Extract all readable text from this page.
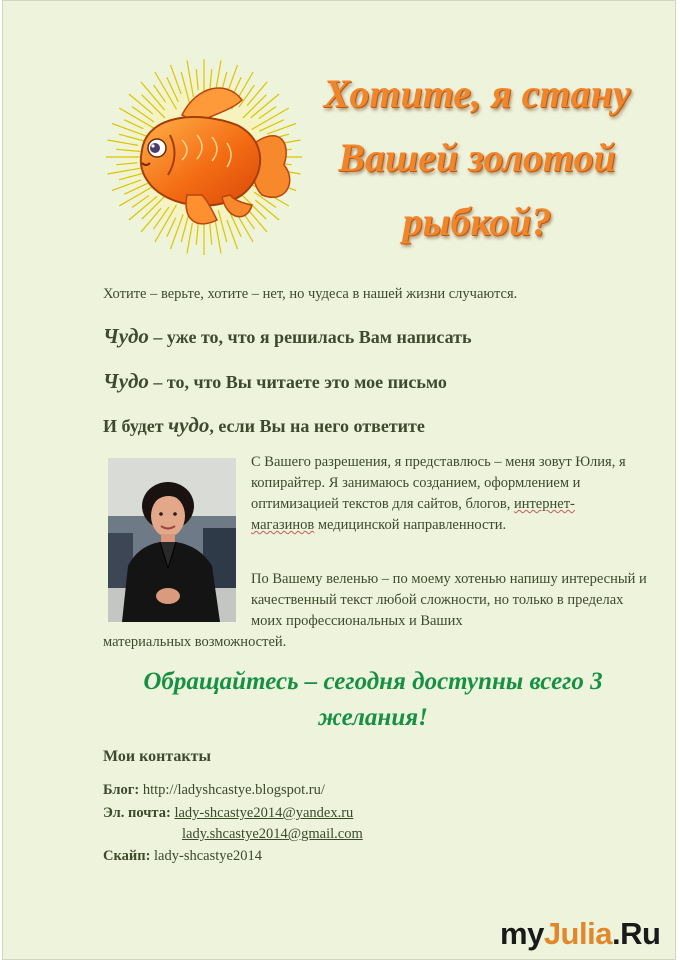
Хотите, я стану
Вашей золотой
рыбкой?
Хотите – верьте, хотите – нет, но чудеса в нашей жизни случаются.
Чудо – уже то, что я решилась Вам написать
Чудо – то, что Вы читаете это мое письмо
И будет чудо, если Вы на него ответите
С Вашего разрешения, я представлюсь – меня зовут Юлия, я копирайтер. Я занимаюсь созданием, оформлением и оптимизацией текстов для сайтов, блогов, интернет-магазинов медицинской направленности.
По Вашему веленью – по моему хотенью напишу интересный и качественный текст любой сложности, но только в пределах моих профессиональных и Ваших
материальных возможностей.
Обращайтесь – сегодня доступны всего 3
желания!
Мои контакты
Блог: http://ladyshcastye.blogspot.ru/
Эл. почта: lady-shcastye2014@yandex.ru
lady.shcastye2014@gmail.com
Скайп: lady-shcastye2014
myJulia.Ru
